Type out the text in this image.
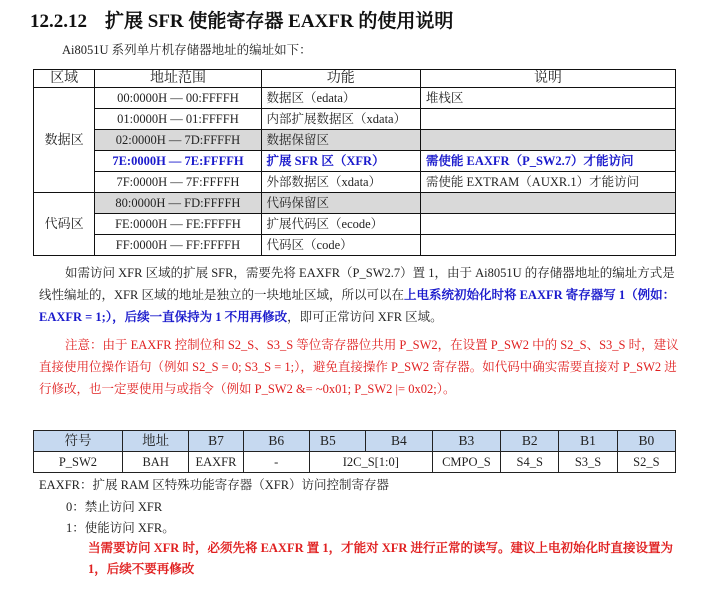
12.2.12 扩展 SFR 使能寄存器 EAXFR 的使用说明
Ai8051U 系列单片机存储器地址的编址如下：
区域	地址范围	功能	说明
数据区	00:0000H — 00:FFFFH	数据区（edata）	堆栈区
	01:0000H — 01:FFFFH	内部扩展数据区（xdata）	
	02:0000H — 7D:FFFFH	数据保留区	
	7E:0000H — 7E:FFFFH	扩展 SFR 区（XFR）	需使能 EAXFR（P_SW2.7）才能访问
	7F:0000H — 7F:FFFFH	外部数据区（xdata）	需使能 EXTRAM（AUXR.1）才能访问
代码区	80:0000H — FD:FFFFH	代码保留区	
	FE:0000H — FE:FFFFH	扩展代码区（ecode）	
	FF:0000H — FF:FFFFH	代码区（code）	
如需访问 XFR 区域的扩展 SFR，需要先将 EAXFR（P_SW2.7）置 1，由于 Ai8051U 的存储器地址的编址方式是线性编址的，XFR 区域的地址是独立的一块地址区域，所以可以在上电系统初始化时将 EAXFR 寄存器写 1（例如：EAXFR = 1;），后续一直保持为 1 不用再修改，即可正常访问 XFR 区域。
注意：由于 EAXFR 控制位和 S2_S、S3_S 等位寄存器位共用 P_SW2，在设置 P_SW2 中的 S2_S、S3_S 时，建议直接使用位操作语句（例如 S2_S = 0; S3_S = 1;），避免直接操作 P_SW2 寄存器。如代码中确实需要直接对 P_SW2 进行修改，也一定要使用与或指令（例如 P_SW2 &= ~0x01; P_SW2 |= 0x02;）。
符号	地址	B7	B6	B5	B4	B3	B2	B1	B0
P_SW2	BAH	EAXFR	-	I2C_S[1:0]		CMPO_S	S4_S	S3_S	S2_S
EAXFR：扩展 RAM 区特殊功能寄存器（XFR）访问控制寄存器
0：禁止访问 XFR
1：使能访问 XFR。
当需要访问 XFR 时，必须先将 EAXFR 置 1，才能对 XFR 进行正常的读写。建议上电初始化时直接设置为 1，后续不要再修改
